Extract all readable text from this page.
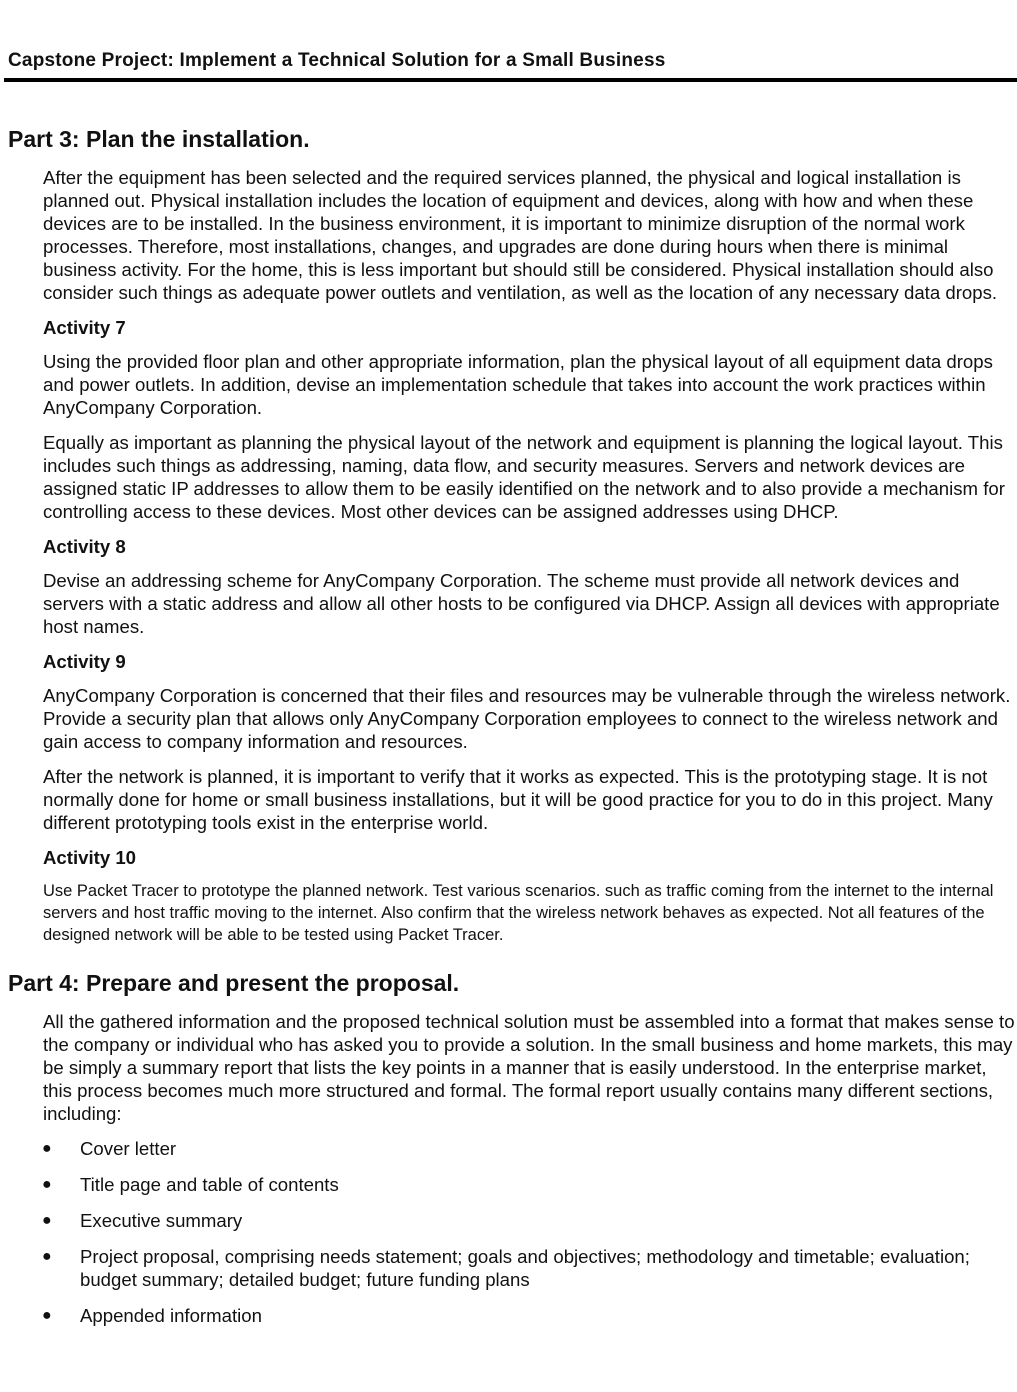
Capstone Project: Implement a Technical Solution for a Small Business
Part 3: Plan the installation.

After the equipment has been selected and the required services planned, the physical and logical installation is planned out. Physical installation includes the location of equipment and devices, along with how and when these devices are to be installed. In the business environment, it is important to minimize disruption of the normal work processes. Therefore, most installations, changes, and upgrades are done during hours when there is minimal business activity. For the home, this is less important but should still be considered. Physical installation should also consider such things as adequate power outlets and ventilation, as well as the location of any necessary data drops.

Activity 7

Using the provided floor plan and other appropriate information, plan the physical layout of all equipment data drops and power outlets. In addition, devise an implementation schedule that takes into account the work practices within AnyCompany Corporation.

Equally as important as planning the physical layout of the network and equipment is planning the logical layout. This includes such things as addressing, naming, data flow, and security measures. Servers and network devices are assigned static IP addresses to allow them to be easily identified on the network and to also provide a mechanism for controlling access to these devices. Most other devices can be assigned addresses using DHCP.

Activity 8

Devise an addressing scheme for AnyCompany Corporation. The scheme must provide all network devices and servers with a static address and allow all other hosts to be configured via DHCP. Assign all devices with appropriate host names.

Activity 9

AnyCompany Corporation is concerned that their files and resources may be vulnerable through the wireless network. Provide a security plan that allows only AnyCompany Corporation employees to connect to the wireless network and gain access to company information and resources.

After the network is planned, it is important to verify that it works as expected. This is the prototyping stage. It is not normally done for home or small business installations, but it will be good practice for you to do in this project. Many different prototyping tools exist in the enterprise world.

Activity 10

Use Packet Tracer to prototype the planned network. Test various scenarios. such as traffic coming from the internet to the internal servers and host traffic moving to the internet. Also confirm that the wireless network behaves as expected. Not all features of the designed network will be able to be tested using Packet Tracer.

Part 4: Prepare and present the proposal.

All the gathered information and the proposed technical solution must be assembled into a format that makes sense to the company or individual who has asked you to provide a solution. In the small business and home markets, this may be simply a summary report that lists the key points in a manner that is easily understood. In the enterprise market, this process becomes much more structured and formal. The formal report usually contains many different sections, including:

● Cover letter
● Title page and table of contents
● Executive summary
● Project proposal, comprising needs statement; goals and objectives; methodology and timetable; evaluation; budget summary; detailed budget; future funding plans
● Appended information
